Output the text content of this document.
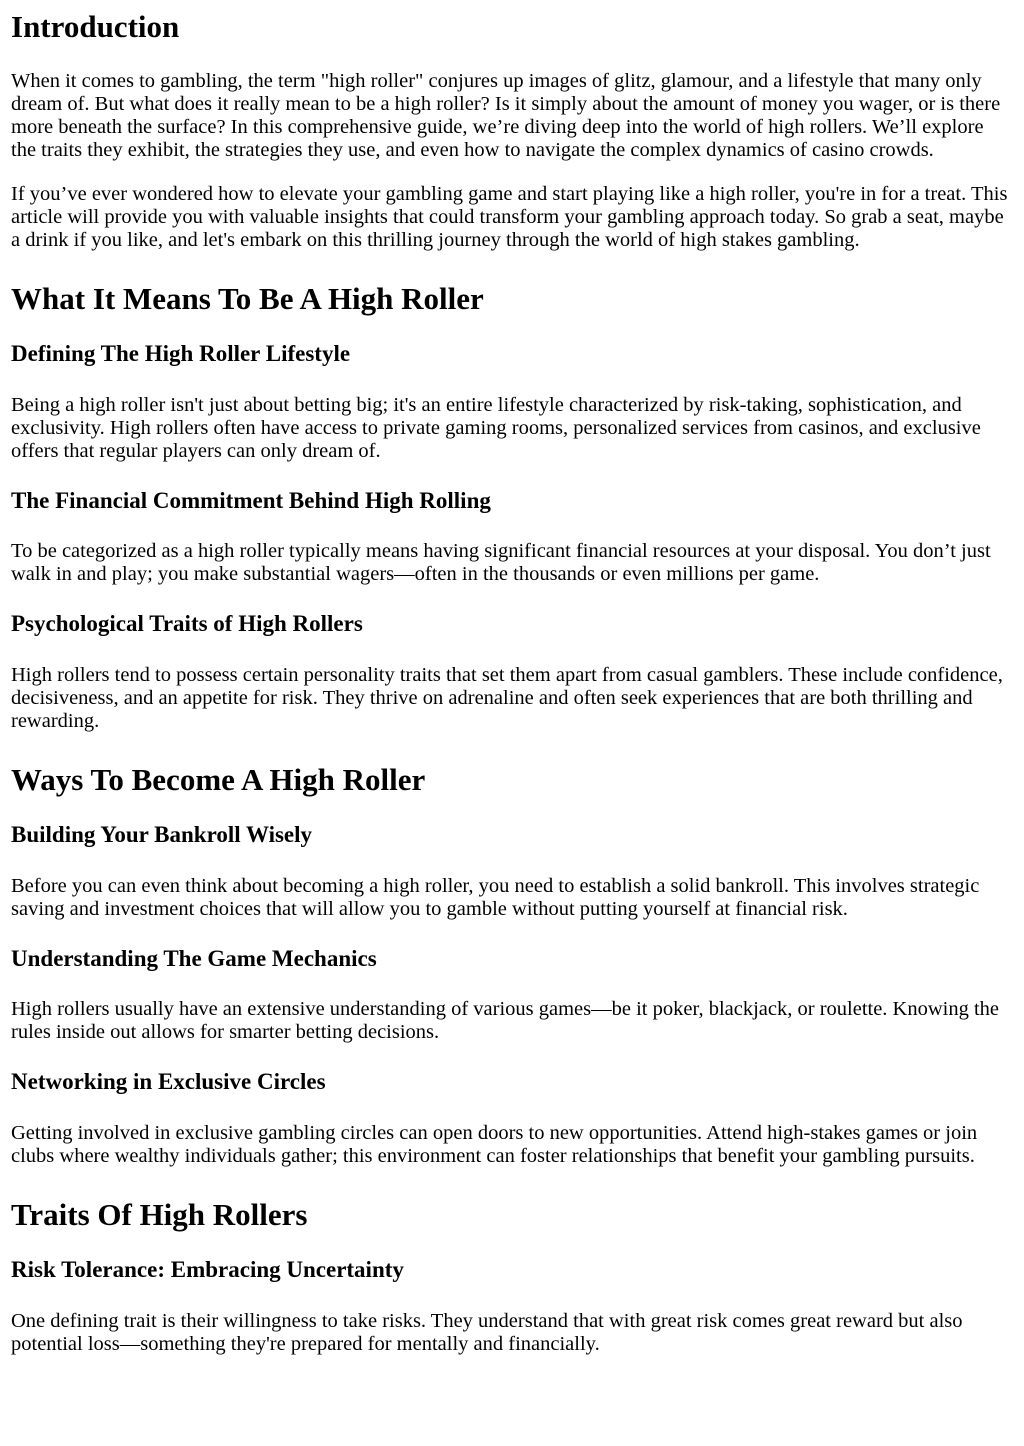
Introduction

When it comes to gambling, the term "high roller" conjures up images of glitz, glamour, and a lifestyle that many only dream of. But what does it really mean to be a high roller? Is it simply about the amount of money you wager, or is there more beneath the surface? In this comprehensive guide, we’re diving deep into the world of high rollers. We’ll explore the traits they exhibit, the strategies they use, and even how to navigate the complex dynamics of casino crowds.

If you’ve ever wondered how to elevate your gambling game and start playing like a high roller, you're in for a treat. This article will provide you with valuable insights that could transform your gambling approach today. So grab a seat, maybe a drink if you like, and let's embark on this thrilling journey through the world of high stakes gambling.

What It Means To Be A High Roller
Defining The High Roller Lifestyle

Being a high roller isn't just about betting big; it's an entire lifestyle characterized by risk-taking, sophistication, and exclusivity. High rollers often have access to private gaming rooms, personalized services from casinos, and exclusive offers that regular players can only dream of.

The Financial Commitment Behind High Rolling

To be categorized as a high roller typically means having significant financial resources at your disposal. You don’t just walk in and play; you make substantial wagers—often in the thousands or even millions per game.

Psychological Traits of High Rollers

High rollers tend to possess certain personality traits that set them apart from casual gamblers. These include confidence, decisiveness, and an appetite for risk. They thrive on adrenaline and often seek experiences that are both thrilling and rewarding.

Ways To Become A High Roller
Building Your Bankroll Wisely

Before you can even think about becoming a high roller, you need to establish a solid bankroll. This involves strategic saving and investment choices that will allow you to gamble without putting yourself at financial risk.

Understanding The Game Mechanics

High rollers usually have an extensive understanding of various games—be it poker, blackjack, or roulette. Knowing the rules inside out allows for smarter betting decisions.

Networking in Exclusive Circles

Getting involved in exclusive gambling circles can open doors to new opportunities. Attend high-stakes games or join clubs where wealthy individuals gather; this environment can foster relationships that benefit your gambling pursuits.

Traits Of High Rollers
Risk Tolerance: Embracing Uncertainty

One defining trait is their willingness to take risks. They understand that with great risk comes great reward but also potential loss—something they're prepared for mentally and financially.
